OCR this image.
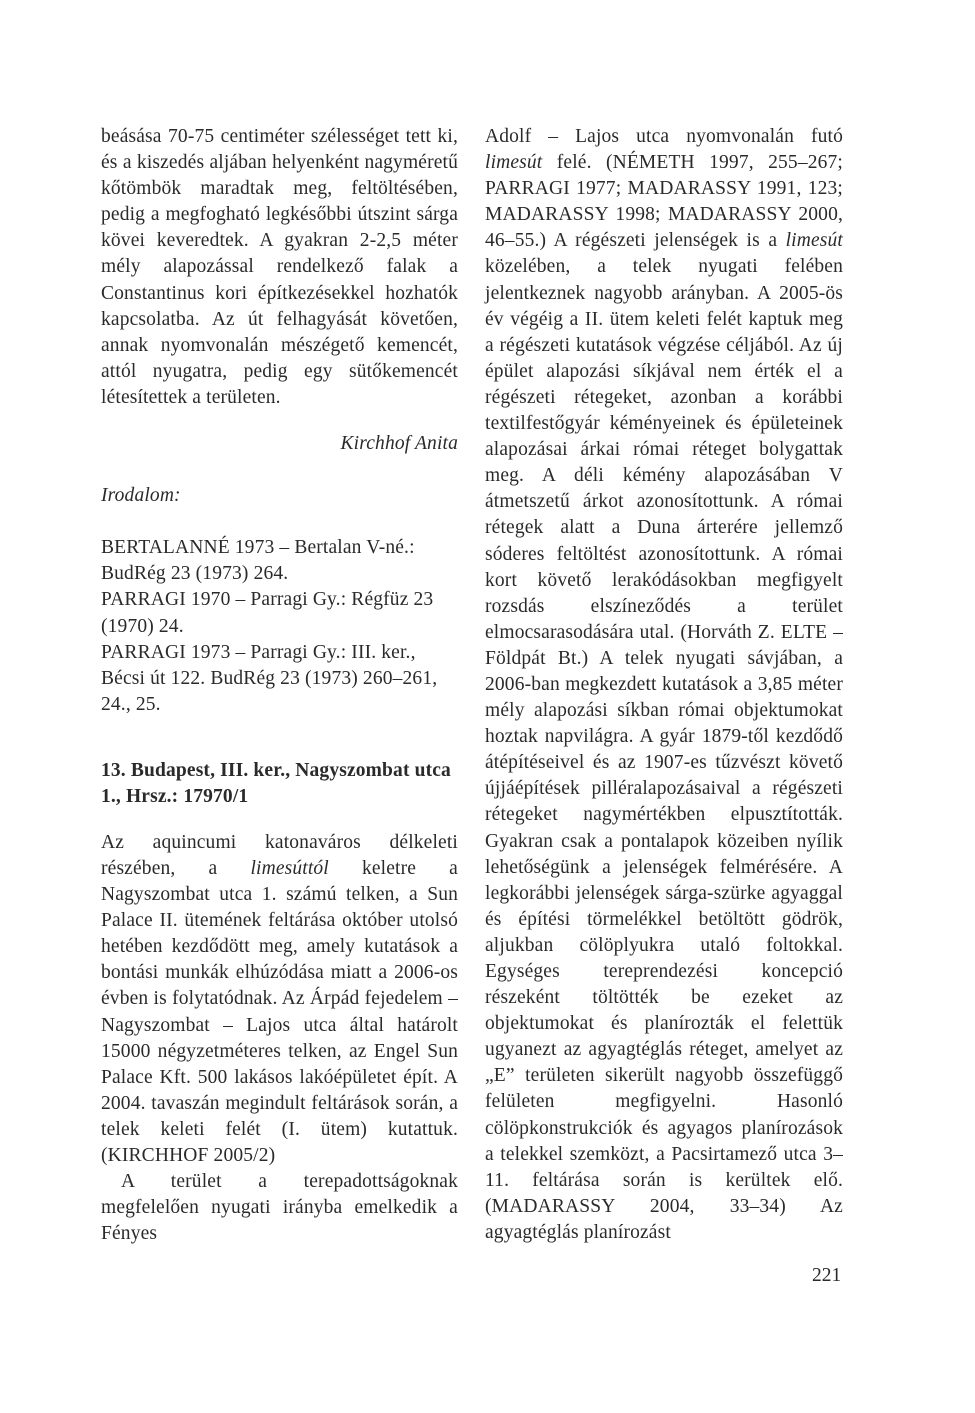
beásása 70-75 centiméter szélességet tett ki, és a kiszedés aljában helyenként nagyméretű kőtömbök maradtak meg, feltöltésében, pedig a megfogható legkésőbbi útszint sárga kövei keveredtek. A gyakran 2-2,5 méter mély alapozással rendelkező falak a Constantinus kori építkezésekkel hozhatók kapcsolatba. Az út felhagyását követően, annak nyomvonalán mészégető kemencét, attól nyugatra, pedig egy sütőkemencét létesítettek a területen.

Kirchhof Anita

Irodalom:

BERTALANNÉ 1973 – Bertalan V-né.: BudRég 23 (1973) 264.

PARRAGI 1970 – Parragi Gy.: Régfüz 23 (1970) 24.

PARRAGI 1973 – Parragi Gy.: III. ker., Bécsi út 122. BudRég 23 (1973) 260–261, 24., 25.

13. Budapest, III. ker., Nagyszombat utca 1., Hrsz.: 17970/1

Az aquincumi katonaváros délkeleti részében, a limesúttól keletre a Nagyszombat utca 1. számú telken, a Sun Palace II. ütemének feltárása október utolsó hetében kezdődött meg, amely kutatások a bontási munkák elhúzódása miatt a 2006-os évben is folytatódnak. Az Árpád fejedelem – Nagyszombat – Lajos utca által határolt 15000 négyzetméteres telken, az Engel Sun Palace Kft. 500 lakásos lakóépületet épít. A 2004. tavaszán megindult feltárások során, a telek keleti felét (I. ütem) kutattuk. (KIRCHHOF 2005/2)

A terület a terepadottságoknak megfelelően nyugati irányba emelkedik a Fényes

Adolf – Lajos utca nyomvonalán futó limesút felé. (NÉMETH 1997, 255–267; PARRAGI 1977; MADARASSY 1991, 123; MADARASSY 1998; MADARASSY 2000, 46–55.) A régészeti jelenségek is a limesút közelében, a telek nyugati felében jelentkeznek nagyobb arányban. A 2005-ös év végéig a II. ütem keleti felét kaptuk meg a régészeti kutatások végzése céljából. Az új épület alapozási síkjával nem érték el a régészeti rétegeket, azonban a korábbi textilfestőgyár kéményeinek és épületeinek alapozásai árkai római réteget bolygattak meg. A déli kémény alapozásában V átmetszetű árkot azonosítottunk. A római rétegek alatt a Duna árterére jellemző sóderes feltöltést azonosítottunk. A római kort követő lerakódásokban megfigyelt rozsdás elszíneződés a terület elmocsarasodására utal. (Horváth Z. ELTE –Földpát Bt.) A telek nyugati sávjában, a 2006-ban megkezdett kutatások a 3,85 méter mély alapozási síkban római objektumokat hoztak napvilágra. A gyár 1879-től kezdődő átépítéseivel és az 1907-es tűzvészt követő újjáépítések pilléralapozásaival a régészeti rétegeket nagymértékben elpusztították. Gyakran csak a pontalapok közeiben nyílik lehetőségünk a jelenségek felmérésére. A legkorábbi jelenségek sárga-szürke agyaggal és építési törmelékkel betöltött gödrök, aljukban cölöplyukra utaló foltokkal. Egységes tereprendezési koncepció részeként töltötték be ezeket az objektumokat és planírozták el felettük ugyanezt az agyagtéglás réteget, amelyet az „E” területen sikerült nagyobb összefüggő felületen megfigyelni. Hasonló cölöpkonstrukciók és agyagos planírozások a telekkel szemközt, a Pacsirtamező utca 3–11. feltárása során is kerültek elő. (MADARASSY 2004, 33–34) Az agyagtéglás planírozást

221
